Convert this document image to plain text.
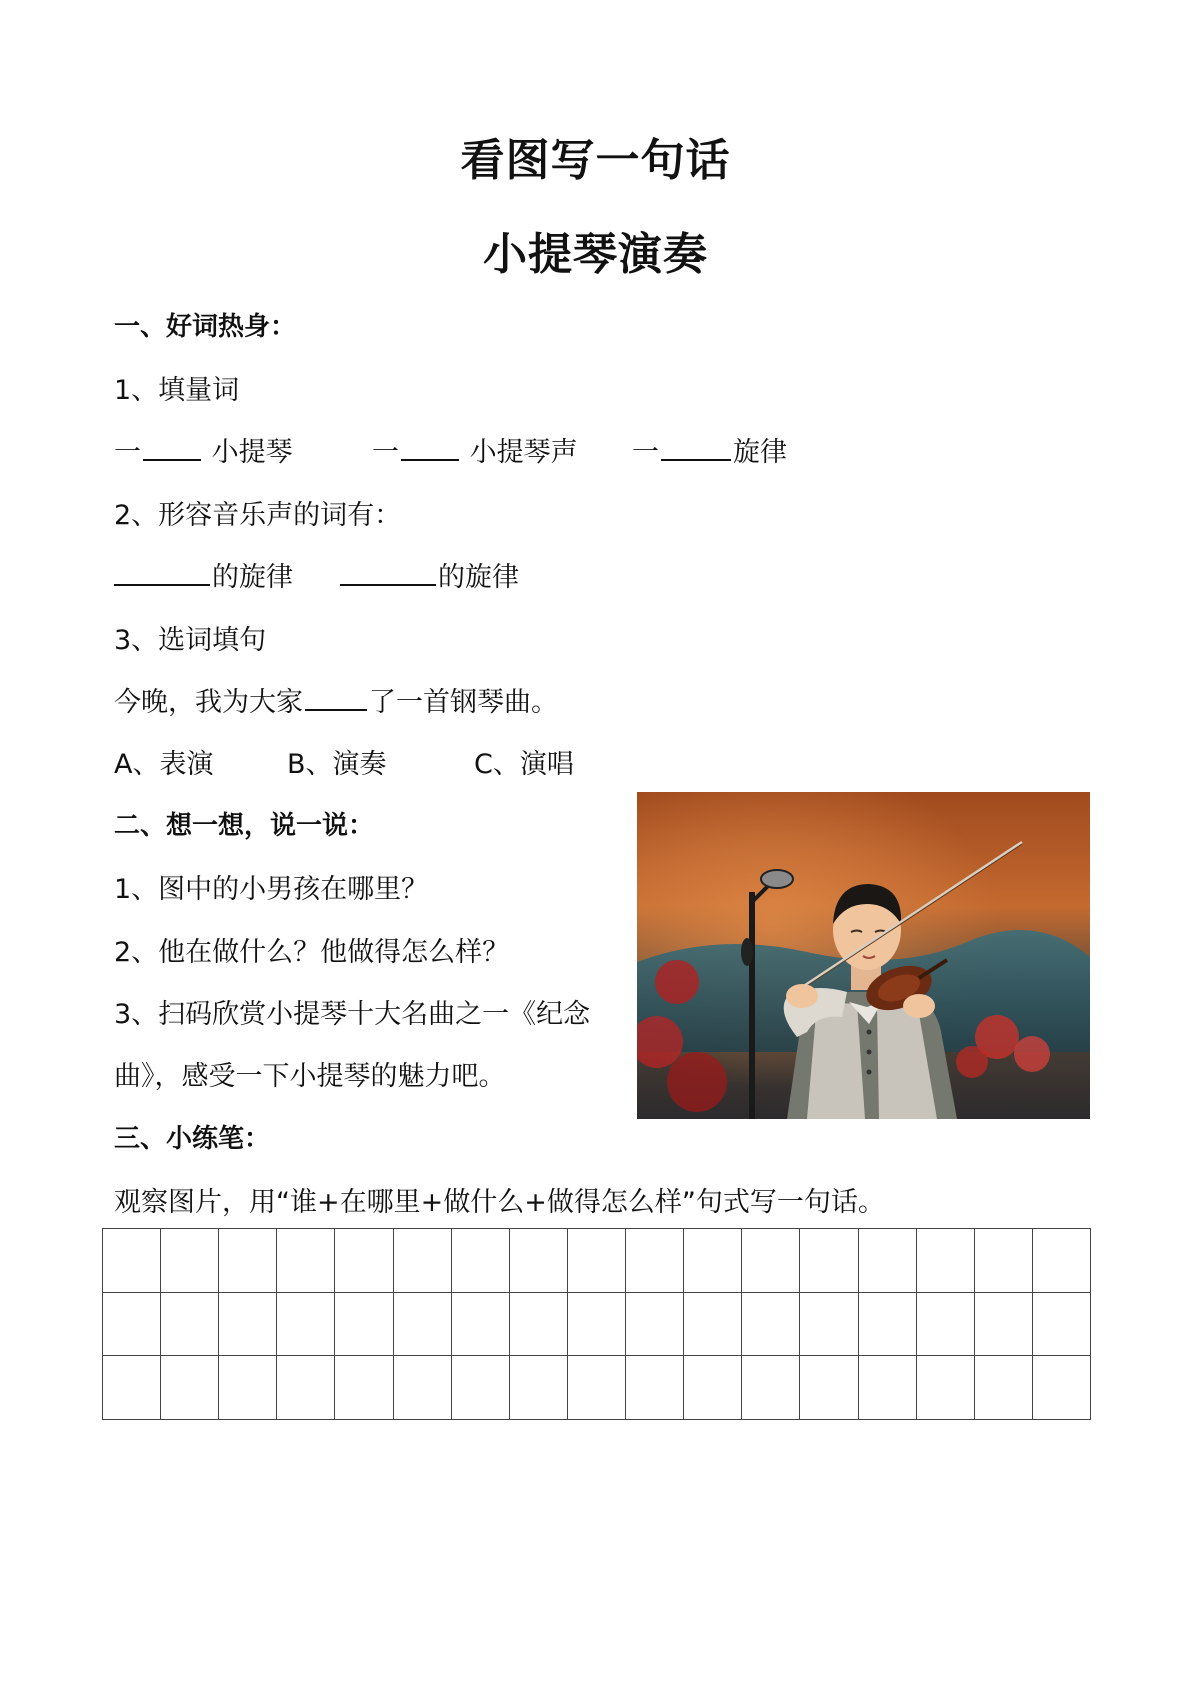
看图写一句话
小提琴演奏
一、好词热身：
1、填量词
一 小提琴	一 小提琴声 一	旋律
2、形容音乐声的词有：
的旋律	的旋律
3、选词填句
今晚，我为大家 了一首钢琴曲。
A、表演	B、演奏	C、演唱
二、想一想，说一说：
1、图中的小男孩在哪里？
2、他在做什么？他做得怎么样？
3、扫码欣赏小提琴十大名曲之一《纪念
曲》，感受一下小提琴的魅力吧。
三、小练笔：
观察图片，用“谁+在哪里+做什么+做得怎么样”句式写一句话。
